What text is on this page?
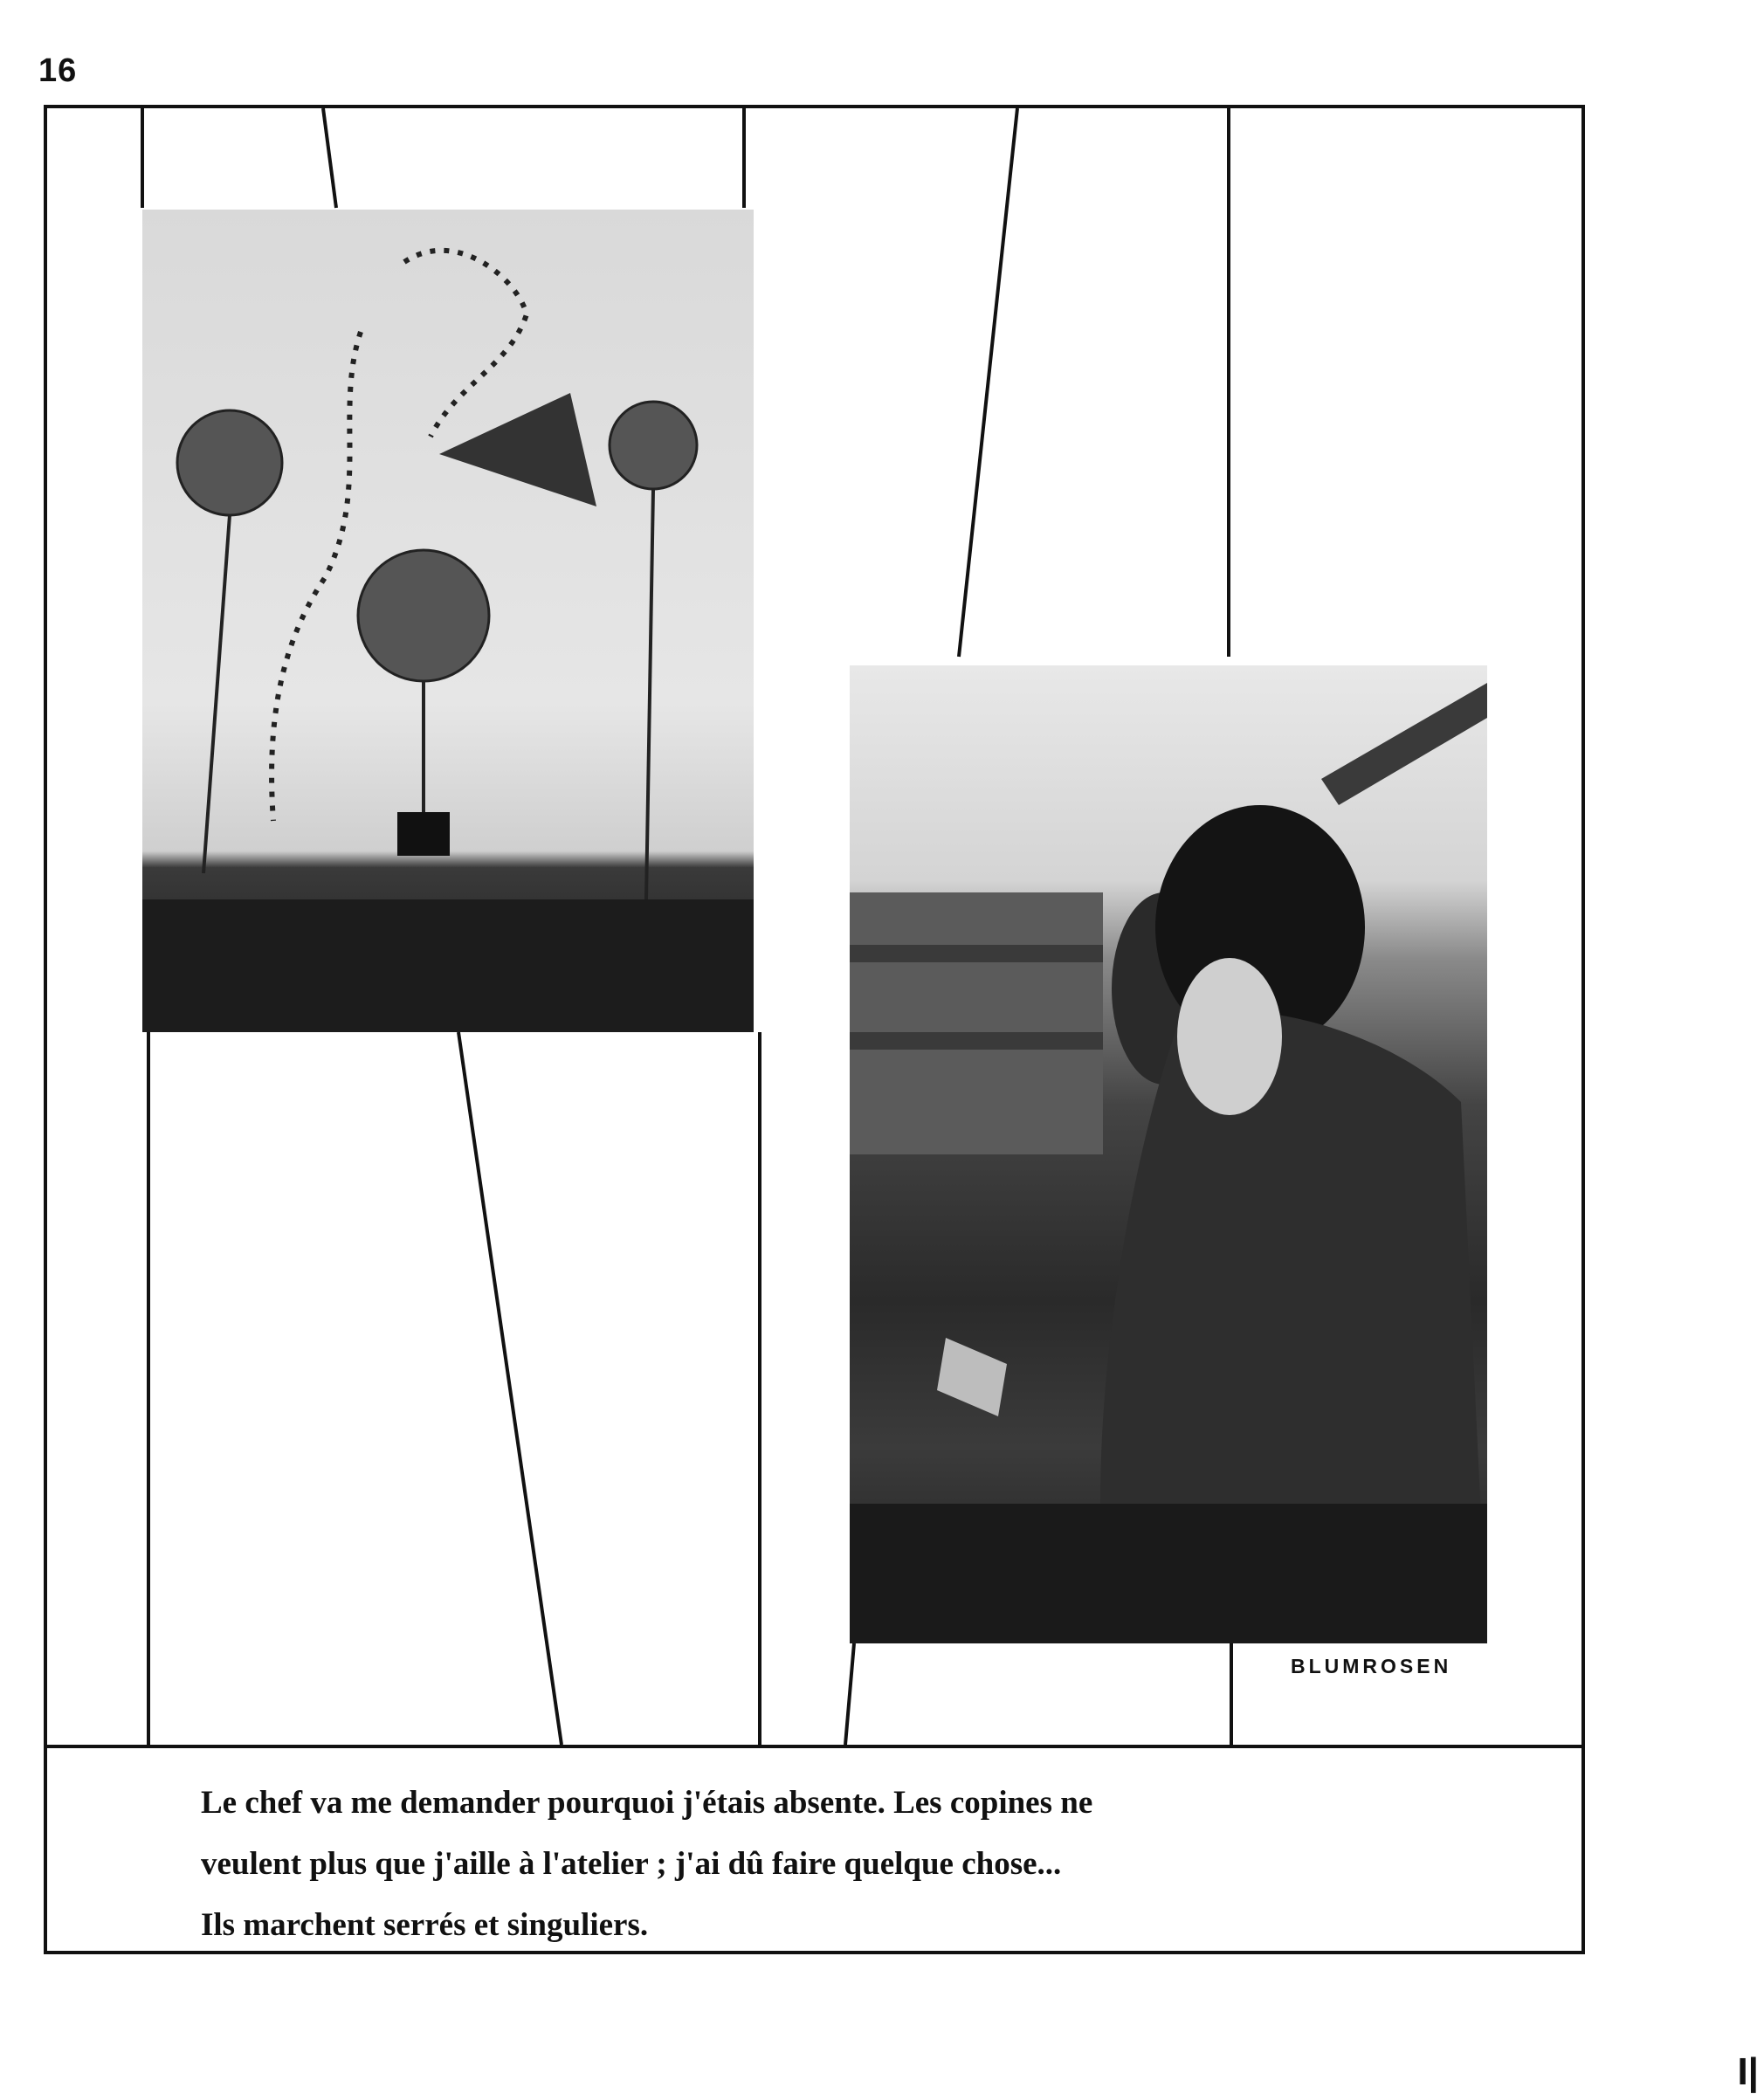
16
BLUMROSEN
Le chef va me demander pourquoi j'étais absente. Les copines ne
veulent plus que j'aille à l'atelier ; j'ai dû faire quelque chose...
Ils marchent serrés et singuliers.
I|
